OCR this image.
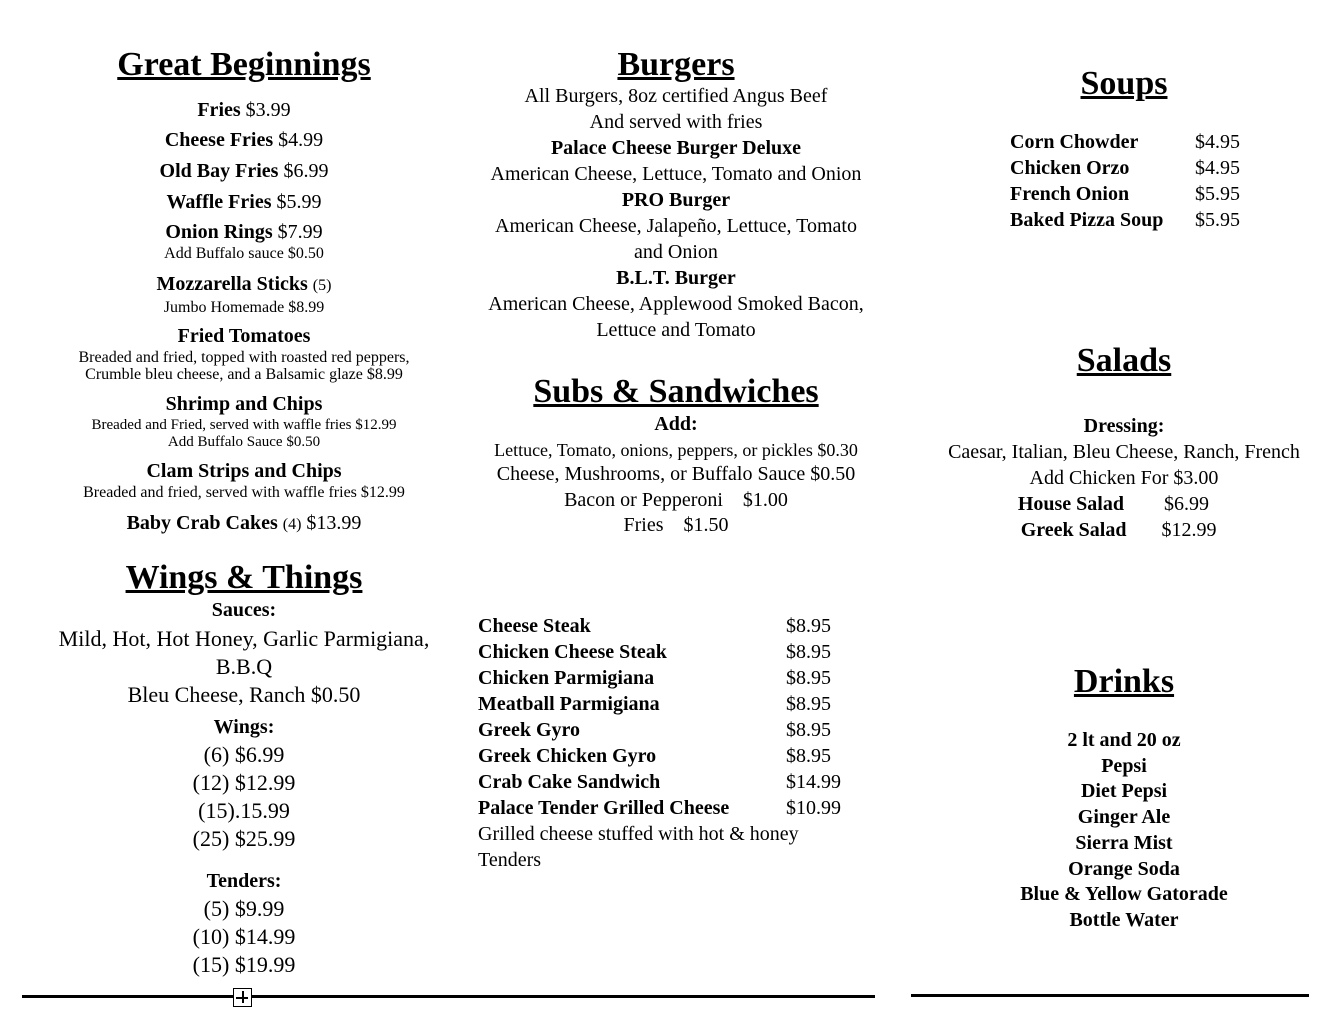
Great Beginnings
Fries $3.99
Cheese Fries $4.99
Old Bay Fries $6.99
Waffle Fries $5.99
Onion Rings $7.99
Add Buffalo sauce $0.50
Mozzarella Sticks (5)
Jumbo Homemade $8.99
Fried Tomatoes
Breaded and fried, topped with roasted red peppers,
Crumble bleu cheese, and a Balsamic glaze $8.99
Shrimp and Chips
Breaded and Fried, served with waffle fries $12.99
Add Buffalo Sauce $0.50
Clam Strips and Chips
Breaded and fried, served with waffle fries $12.99
Baby Crab Cakes (4) $13.99
Wings & Things
Sauces:
Mild, Hot, Hot Honey, Garlic Parmigiana,
B.B.Q
Bleu Cheese, Ranch $0.50
Wings:
(6) $6.99
(12) $12.99
(15).15.99
(25) $25.99
Tenders:
(5) $9.99
(10) $14.99
(15) $19.99
Burgers
All Burgers, 8oz certified Angus Beef
And served with fries
Palace Cheese Burger Deluxe
American Cheese, Lettuce, Tomato and Onion
PRO Burger
American Cheese, Jalapeño, Lettuce, Tomato
and Onion
B.L.T. Burger
American Cheese, Applewood Smoked Bacon,
Lettuce and Tomato
Subs & Sandwiches
Add:
Lettuce, Tomato, onions, peppers, or pickles $0.30
Cheese, Mushrooms, or Buffalo Sauce $0.50
Bacon or Pepperoni    $1.00
Fries    $1.50
Cheese Steak	$8.95
Chicken Cheese Steak	$8.95
Chicken Parmigiana	$8.95
Meatball Parmigiana	$8.95
Greek Gyro	$8.95
Greek Chicken Gyro	$8.95
Crab Cake Sandwich	$14.99
Palace Tender Grilled Cheese	$10.99
Grilled cheese stuffed with hot & honey
Tenders
Soups
Corn Chowder	$4.95
Chicken Orzo	$4.95
French Onion	$5.95
Baked Pizza Soup	$5.95
Salads
Dressing:
Caesar, Italian, Bleu Cheese, Ranch, French
Add Chicken For $3.00
House Salad	$6.99
Greek Salad	$12.99
Drinks
2 lt and 20 oz
Pepsi
Diet Pepsi
Ginger Ale
Sierra Mist
Orange Soda
Blue & Yellow Gatorade
Bottle Water
